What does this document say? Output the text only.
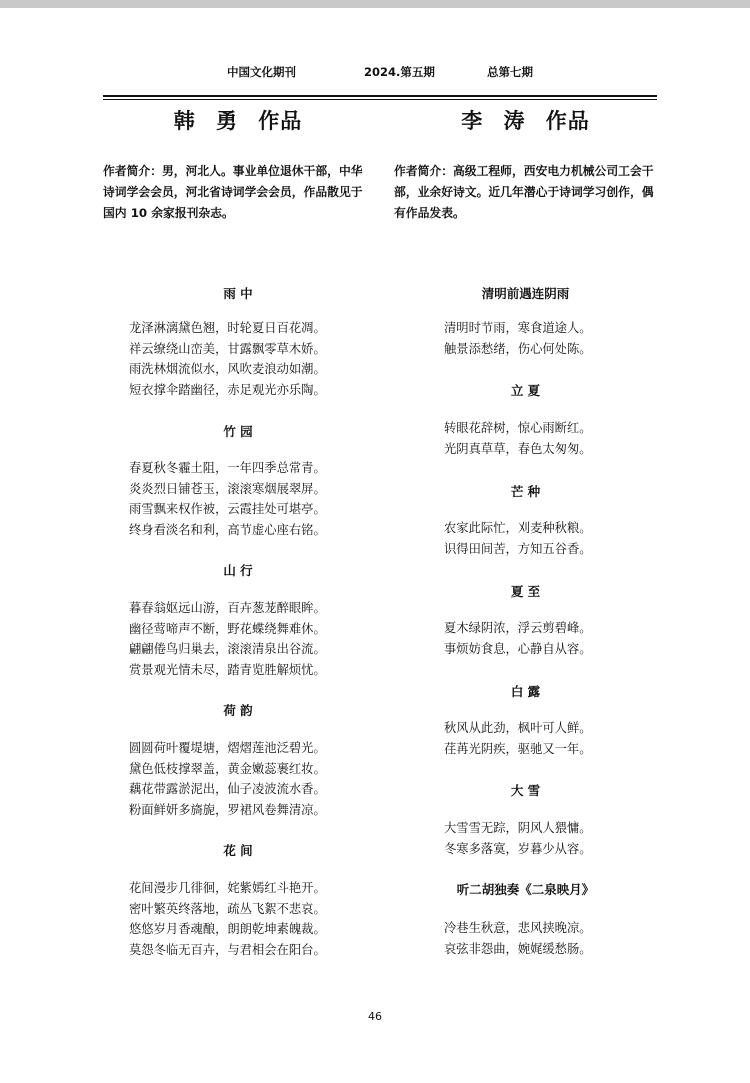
中国文化期刊	2024.第五期	总第七期
韩 勇 作品
作者简介：男，河北人。事业单位退休干部，中华诗词学会会员，河北省诗词学会会员，作品散见于国内 10 余家报刊杂志。
雨 中
龙泽淋漓黛色翘，时轮夏日百花凋。
祥云缭绕山峦美，甘露飘零草木娇。
雨洗林烟流似水，风吹麦浪动如潮。
短衣撑伞踏幽径，赤足观光亦乐陶。
竹 园
春夏秋冬霾土阻，一年四季总常青。
炎炎烈日铺苍玉，滚滚寒烟展翠屏。
雨雪飘来权作被，云霞挂处可堪亭。
终身看淡名和利，高节虚心座右铭。
山 行
暮春翁妪远山游，百卉葱茏醉眼眸。
幽径莺啼声不断，野花蝶绕舞难休。
翩翩倦鸟归巢去，滚滚清泉出谷流。
赏景观光情未尽，踏青览胜解烦忧。
荷 韵
圆圆荷叶覆堤塘，熠熠莲池泛碧光。
黛色低枝撑翠盖，黄金嫩蕊裹红妆。
藕花带露淤泥出，仙子凌波流水香。
粉面鲜妍多旖旎，罗裙风卷舞清凉。
花 间
花间漫步几徘徊，姹紫嫣红斗艳开。
密叶繁英终落地，疏丛飞絮不悲哀。
悠悠岁月香魂酿，朗朗乾坤素魄裁。
莫怨冬临无百卉，与君相会在阳台。
李 涛 作品
作者简介：高级工程师，西安电力机械公司工会干部，业余好诗文。近几年潜心于诗词学习创作，偶有作品发表。
清明前遇连阴雨
清明时节雨，寒食道途人。
触景添愁绪，伤心何处陈。
立 夏
转眼花辞树，惊心雨断红。
光阴真草草，春色太匆匆。
芒 种
农家此际忙，刈麦种秋粮。
识得田间苦，方知五谷香。
夏 至
夏木绿阴浓，浮云剪碧峰。
事烦妨食息，心静自从容。
白 露
秋风从此劲，枫叶可人鲜。
荏苒光阴疾，驱驰又一年。
大 雪
大雪雪无踪，阴风人猥慵。
冬寒多落寞，岁暮少从容。
听二胡独奏《二泉映月》
冷巷生秋意，悲风挟晚凉。
哀弦非怨曲，婉娓缓愁肠。
46
